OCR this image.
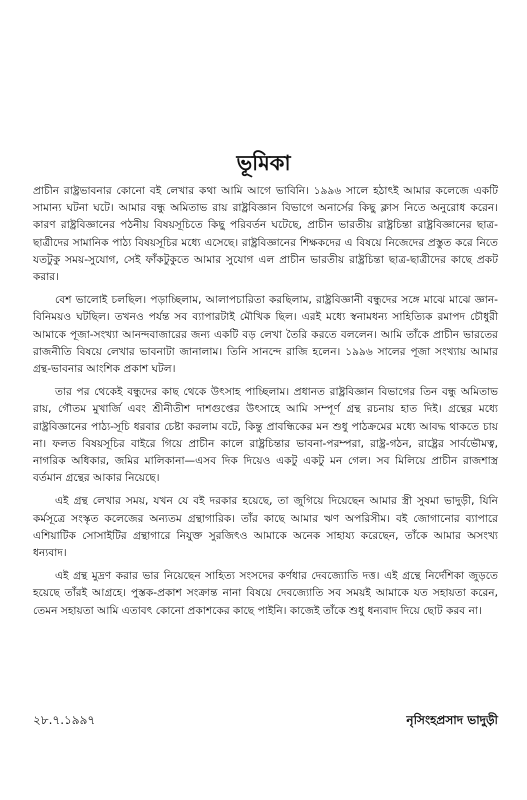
ভূমিকা

প্রাচীন রাষ্ট্রভাবনার কোনো বই লেখার কথা আমি আগে ভাবিনি। ১৯৯৬ সালে হঠাৎই আমার কলেজে একটি সামান্য ঘটনা ঘটে। আমার বন্ধু অমিতাভ রায় রাষ্ট্রবিজ্ঞান বিভাগে অনার্সের কিছু ক্লাস নিতে অনুরোধ করেন। কারণ রাষ্ট্রবিজ্ঞানের পঠনীয় বিষয়সূচিতে কিছু পরিবর্তন ঘটেছে, প্রাচীন ভারতীয় রাষ্ট্রচিন্তা রাষ্ট্রবিজ্ঞানের ছাত্র-ছাত্রীদের সামানিক পাঠ্য বিষয়সূচির মধ্যে এসেছে। রাষ্ট্রবিজ্ঞানের শিক্ষকদের এ বিষয়ে নিজেদের প্রস্তুত করে নিতে যতটুকু সময়-সুযোগ, সেই ফাঁকটুকুতে আমার সুযোগ এল প্রাচীন ভারতীয় রাষ্ট্রচিন্তা ছাত্র-ছাত্রীদের কাছে প্রকট করার।

বেশ ভালোই চলছিল। পড়াচ্ছিলাম, আলাপচারিতা করছিলাম, রাষ্ট্রবিজ্ঞানী বন্ধুদের সঙ্গে মাঝে মাঝে জ্ঞান-বিনিময়ও ঘটছিল। তখনও পর্যন্ত সব ব্যাপারটাই মৌখিক ছিল। এরই মধ্যে স্বনামধন্য সাহিত্যিক রমাপদ চৌধুরী আমাকে পূজা-সংখ্যা আনন্দবাজারের জন্য একটি বড় লেখা তৈরি করতে বললেন। আমি তাঁকে প্রাচীন ভারতের রাজনীতি বিষয়ে লেখার ভাবনাটা জানালাম। তিনি সানন্দে রাজি হলেন। ১৯৯৬ সালের পূজা সংখ্যায় আমার গ্রন্থ-ভাবনার আংশিক প্রকাশ ঘটল।

তার পর থেকেই বন্ধুদের কাছ থেকে উৎসাহ পাচ্ছিলাম। প্রধানত রাষ্ট্রবিজ্ঞান বিভাগের তিন বন্ধু অমিতাভ রায়, গৌতম মুখার্জি এবং শ্রীনীতীশ দাশগুপ্তের উৎসাহে আমি সম্পূর্ণ গ্রন্থ রচনায় হাত দিই। গ্রন্থের মধ্যে রাষ্ট্রবিজ্ঞানের পাঠ্য-সূচি ধরবার চেষ্টা করলাম বটে, কিন্তু প্রাবন্ধিকের মন শুধু পাঠক্রমের মধ্যে আবদ্ধ থাকতে চায় না। ফলত বিষয়সূচির বাইরে গিয়ে প্রাচীন কালে রাষ্ট্রচিন্তার ভাবনা-পরম্পরা, রাষ্ট্র-গঠন, রাষ্ট্রের সার্বভৌমত্ব, নাগরিক অধিকার, জমির মালিকানা—এসব দিক দিয়েও একটু একটু মন গেল। সব মিলিয়ে প্রাচীন রাজশাস্ত্র বর্তমান গ্রন্থের আকার নিয়েছে।

এই গ্রন্থ লেখার সময়, যখন যে বই দরকার হয়েছে, তা জুগিয়ে দিয়েছেন আমার স্ত্রী সুষমা ভাদুড়ী, যিনি কর্মসূত্রে সংস্কৃত কলেজের অন্যতম গ্রন্থাগারিক। তাঁর কাছে আমার ঋণ অপরিসীম। বই জোগানোর ব্যাপারে এশিয়াটিক সোসাইটির গ্রন্থাগারে নিযুক্ত সুরজিৎও আমাকে অনেক সাহায্য করেছেন, তাঁকে আমার অসংখ্য ধন্যবাদ।

এই গ্রন্থ মুদ্রণ করার ভার নিয়েছেন সাহিত্য সংসদের কর্ণধার দেবজ্যোতি দত্ত। এই গ্রন্থে নির্দেশিকা জুড়তে হয়েছে তাঁরই আগ্রহে। পুস্তক-প্রকাশ সংক্রান্ত নানা বিষয়ে দেবজ্যোতি সব সময়ই আমাকে যত সহায়তা করেন, তেমন সহায়তা আমি এতাবৎ কোনো প্রকাশকের কাছে পাইনি। কাজেই তাঁকে শুধু ধন্যবাদ দিয়ে ছোট করব না।

২৮.৭.১৯৯৭	নৃসিংহপ্রসাদ ভাদুড়ী
